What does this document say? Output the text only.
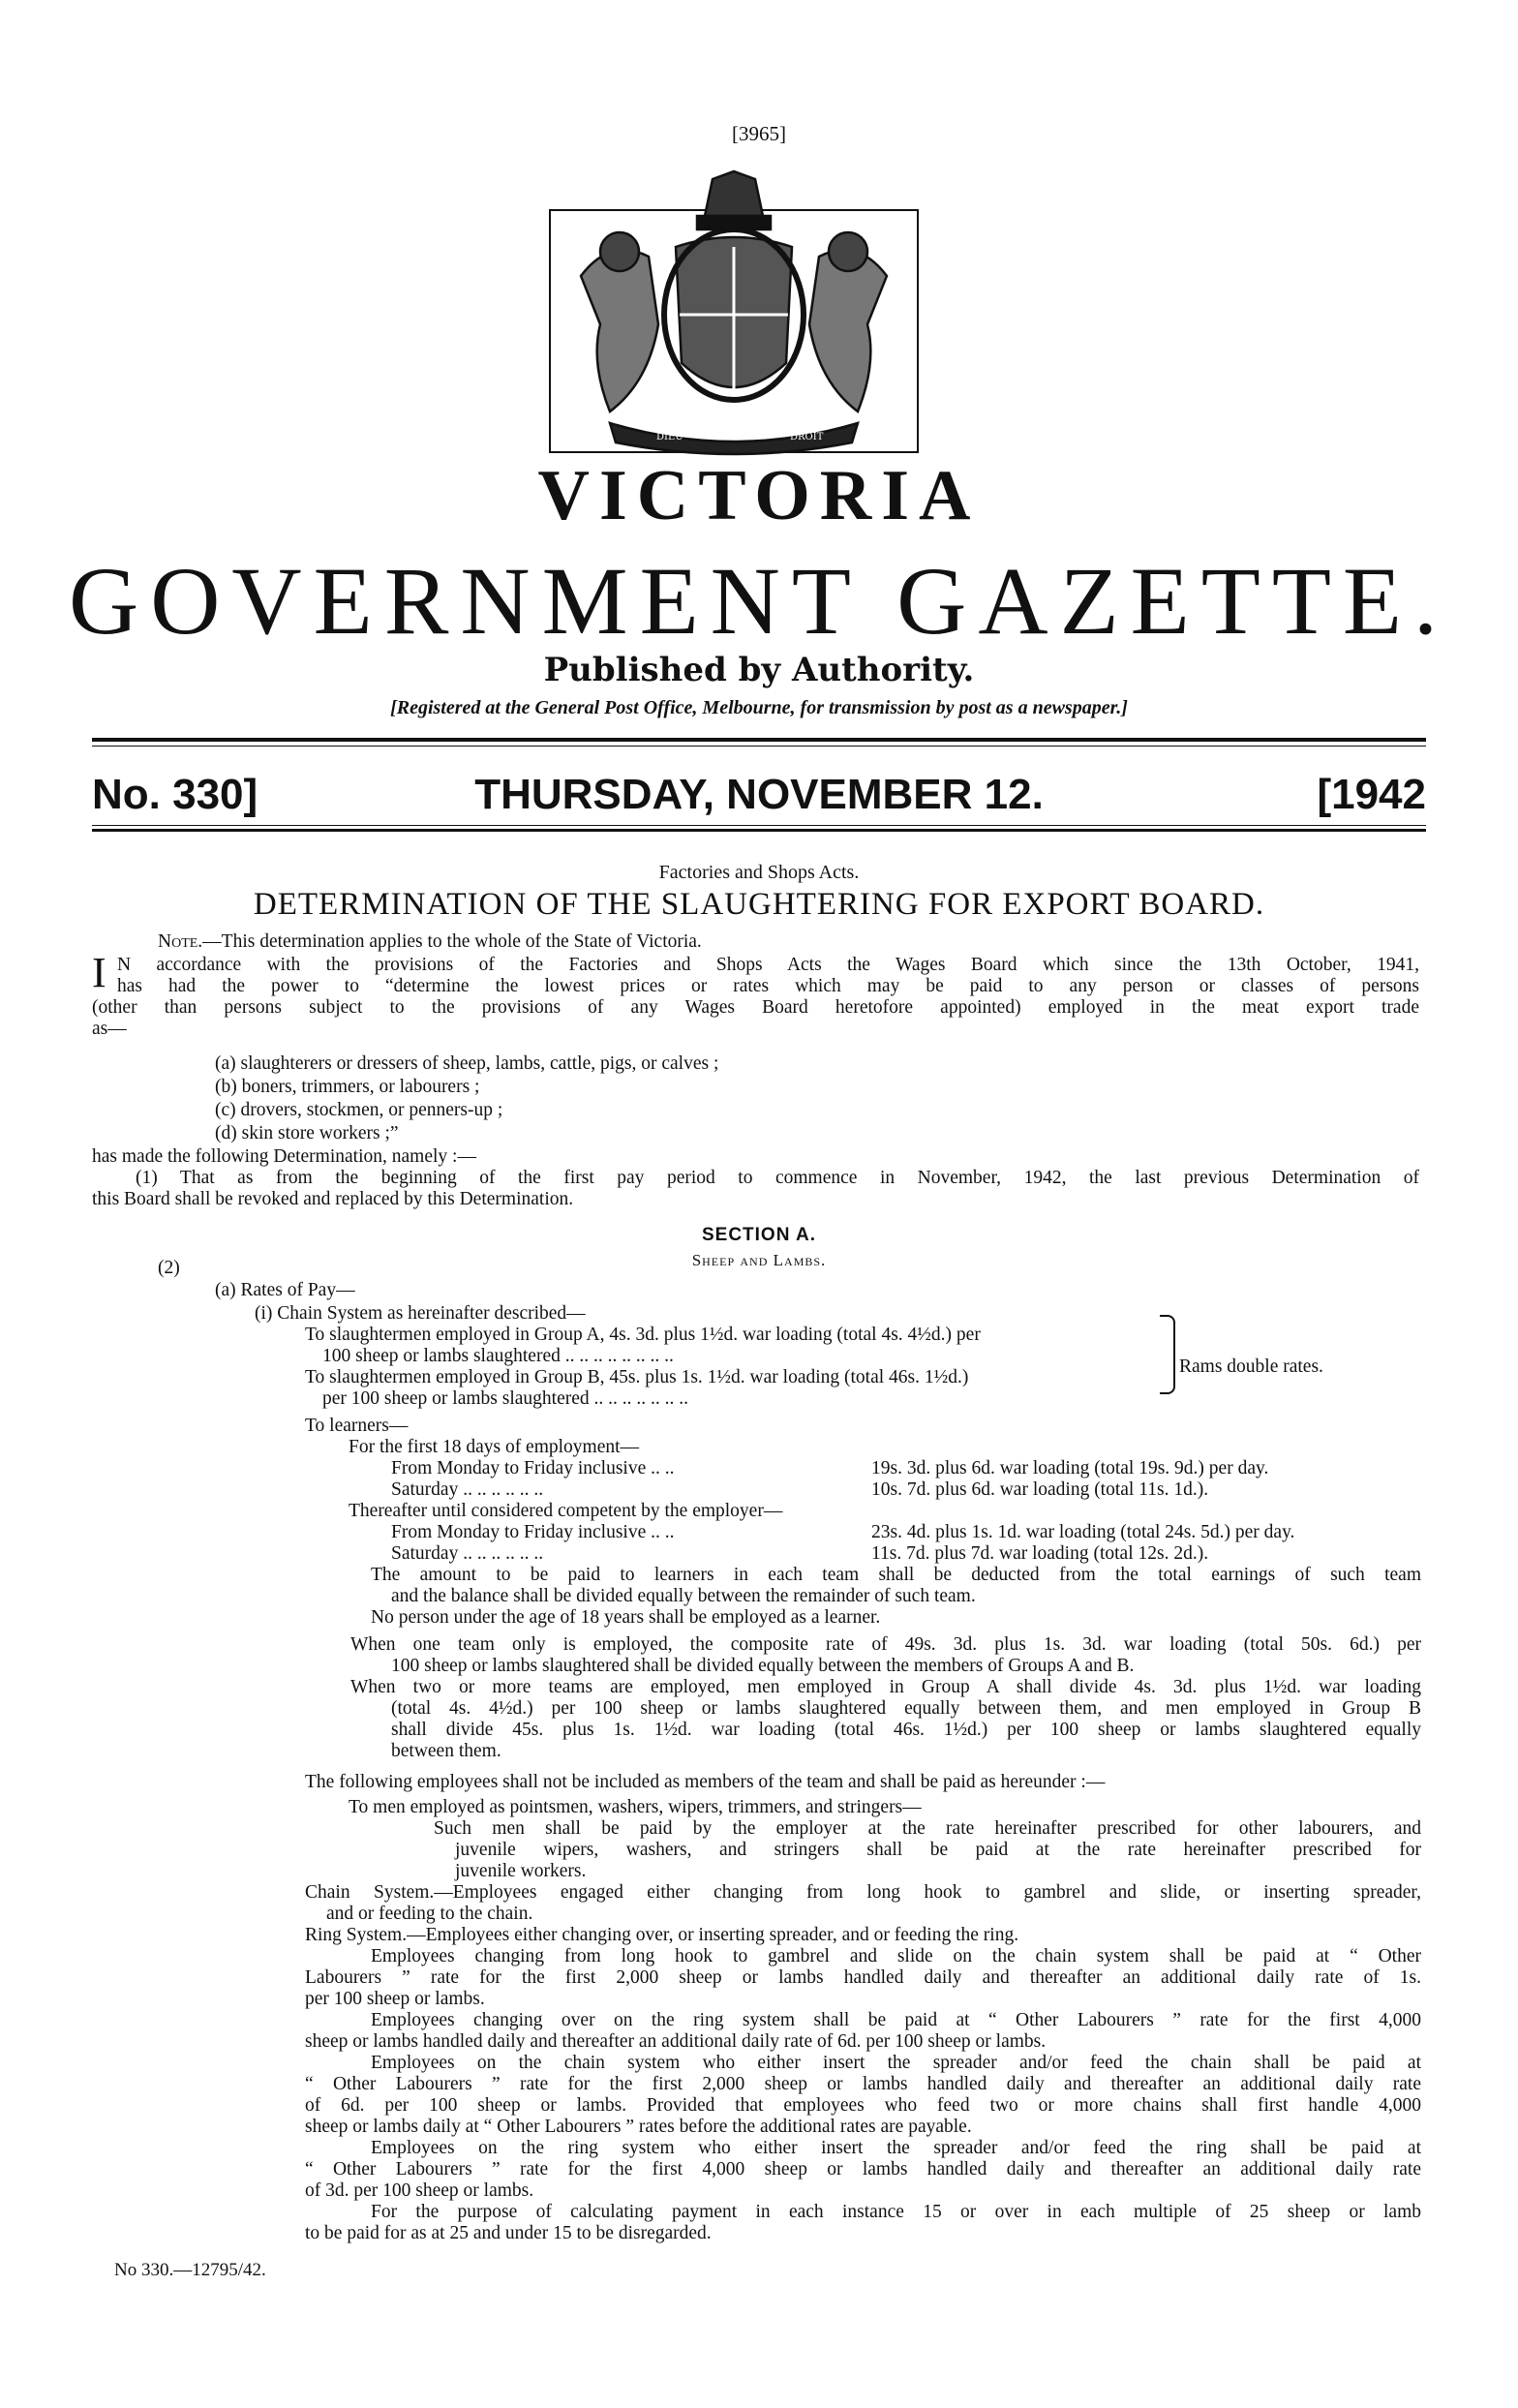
[3965]
DIEU	DROIT
VICTORIA
GOVERNMENT GAZETTE.
Published by Authority.
[Registered at the General Post Office, Melbourne, for transmission by post as a newspaper.]
No. 330]	THURSDAY, NOVEMBER 12.	[1942
Factories and Shops Acts.
DETERMINATION OF THE SLAUGHTERING FOR EXPORT BOARD.
Note.—This determination applies to the whole of the State of Victoria.
I N accordance with the provisions of the Factories and Shops Acts the Wages Board which since the 13th October, 1941,
has had the power to “determine the lowest prices or rates which may be paid to any person or classes of persons
(other than persons subject to the provisions of any Wages Board heretofore appointed) employed in the meat export trade
as—
(a) slaughterers or dressers of sheep, lambs, cattle, pigs, or calves ;
(b) boners, trimmers, or labourers ;
(c) drovers, stockmen, or penners-up ;
(d) skin store workers ;”
has made the following Determination, namely :—
(1) That as from the beginning of the first pay period to commence in November, 1942, the last previous Determination of
this Board shall be revoked and replaced by this Determination.
SECTION A.
Sheep and Lambs.
(2)
(a) Rates of Pay—
(i) Chain System as hereinafter described—
To slaughtermen employed in Group A, 4s. 3d. plus 1½d. war loading (total 4s. 4½d.) per
100 sheep or lambs slaughtered .. .. .. .. .. .. .. ..
To slaughtermen employed in Group B, 45s. plus 1s. 1½d. war loading (total 46s. 1½d.)
per 100 sheep or lambs slaughtered .. .. .. .. .. .. ..
Rams double rates.
To learners—
For the first 18 days of employment—
From Monday to Friday inclusive .. ..	19s. 3d. plus 6d. war loading (total 19s. 9d.) per day.
Saturday .. .. .. .. .. ..	10s. 7d. plus 6d. war loading (total 11s. 1d.).
Thereafter until considered competent by the employer—
From Monday to Friday inclusive .. ..	23s. 4d. plus 1s. 1d. war loading (total 24s. 5d.) per day.
Saturday .. .. .. .. .. ..	11s. 7d. plus 7d. war loading (total 12s. 2d.).
The amount to be paid to learners in each team shall be deducted from the total earnings of such team
and the balance shall be divided equally between the remainder of such team.
No person under the age of 18 years shall be employed as a learner.
When one team only is employed, the composite rate of 49s. 3d. plus 1s. 3d. war loading (total 50s. 6d.) per
100 sheep or lambs slaughtered shall be divided equally between the members of Groups A and B.
When two or more teams are employed, men employed in Group A shall divide 4s. 3d. plus 1½d. war loading
(total 4s. 4½d.) per 100 sheep or lambs slaughtered equally between them, and men employed in Group B
shall divide 45s. plus 1s. 1½d. war loading (total 46s. 1½d.) per 100 sheep or lambs slaughtered equally
between them.
The following employees shall not be included as members of the team and shall be paid as hereunder :—
To men employed as pointsmen, washers, wipers, trimmers, and stringers—
Such men shall be paid by the employer at the rate hereinafter prescribed for other labourers, and
juvenile wipers, washers, and stringers shall be paid at the rate hereinafter prescribed for
juvenile workers.
Chain System.—Employees engaged either changing from long hook to gambrel and slide, or inserting spreader,
and or feeding to the chain.
Ring System.—Employees either changing over, or inserting spreader, and or feeding the ring.
Employees changing from long hook to gambrel and slide on the chain system shall be paid at “ Other
Labourers ” rate for the first 2,000 sheep or lambs handled daily and thereafter an additional daily rate of 1s.
per 100 sheep or lambs.
Employees changing over on the ring system shall be paid at “ Other Labourers ” rate for the first 4,000
sheep or lambs handled daily and thereafter an additional daily rate of 6d. per 100 sheep or lambs.
Employees on the chain system who either insert the spreader and/or feed the chain shall be paid at
“ Other Labourers ” rate for the first 2,000 sheep or lambs handled daily and thereafter an additional daily rate
of 6d. per 100 sheep or lambs. Provided that employees who feed two or more chains shall first handle 4,000
sheep or lambs daily at “ Other Labourers ” rates before the additional rates are payable.
Employees on the ring system who either insert the spreader and/or feed the ring shall be paid at
“ Other Labourers ” rate for the first 4,000 sheep or lambs handled daily and thereafter an additional daily rate
of 3d. per 100 sheep or lambs.
For the purpose of calculating payment in each instance 15 or over in each multiple of 25 sheep or lamb
to be paid for as at 25 and under 15 to be disregarded.
No 330.—12795/42.
